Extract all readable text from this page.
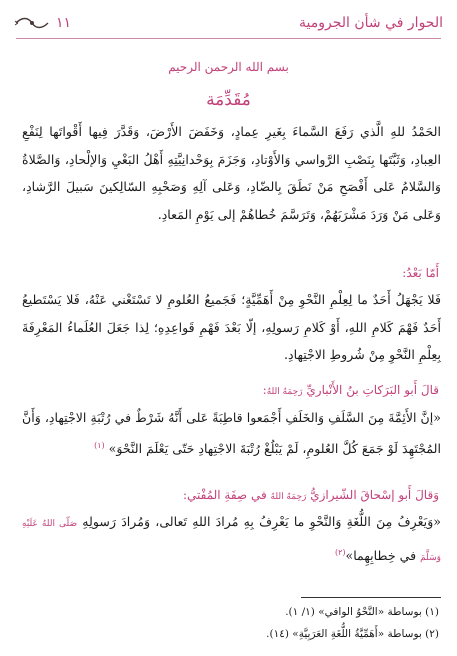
الحوار في شأن الجرومية
١١
بسم الله الرحمن الرحيم
مُقَدِّمَة
الحَمْدُ للهِ الَّذي رَفَعَ السَّماءَ بِغَيرِ عِمادٍ، وَخَفَضَ الأَرْضَ، وَقَدَّرَ فِيها أَقْواتَها لِنَفْعِ العِبادِ، وَثَبَّتَها بِنَصْبِ الرَّواسي وَالأَوْتادِ، وَجَزَمَ بِوَحْدانِيَّتِهِ أَهْلُ البَغْيِ وَالإلْحادِ، وَالصَّلاةُ وَالسَّلامُ عَلى أَفْصَحِ مَنْ نَطَقَ بِالضّادِ، وَعَلى آلِهِ وَصَحْبِهِ السّالِكينَ سَبيلَ الرَّشادِ، وَعَلى مَنْ وَرَدَ مَشْرَبَهُمْ، وَتَرَسَّمَ خُطاهُمْ إلى يَوْمِ المَعادِ.
أَمّا بَعْدُ:
فَلا يَجْهَلُ أَحَدٌ ما لِعِلْمِ النَّحْوِ مِنْ أَهَمِّيَّةٍ؛ فَجَميعُ العُلومِ لا تَسْتَغْني عَنْهُ، فَلا يَسْتَطيعُ أَحَدٌ فَهْمَ كَلامِ اللهِ، أَوْ كَلامِ رَسولِهِ، إلّا بَعْدَ فَهْمِ قَواعِدِهِ؛ لِذا جَعَلَ العُلَماءُ المَعْرِفَةَ بِعِلْمِ النَّحْوِ مِنْ شُروطِ الاجْتِهادِ.
قالَ أَبو البَرَكاتِ بنُ الأَنْباريِّ رَحِمَهُ اللهُ:
«إنَّ الأَئِمَّةَ مِنَ السَّلَفِ وَالخَلَفِ أَجْمَعوا قاطِبَةً عَلى أَنَّهُ شَرْطٌ في رُتْبَةِ الاجْتِهادِ، وَأَنَّ المُجْتَهِدَ لَوْ جَمَعَ كُلَّ العُلومِ، لَمْ يَبْلُغْ رُتْبَةَ الاجْتِهادِ حَتّى يَعْلَمَ النَّحْوَ» $^{(١)}$
وَقالَ أَبو إسْحاقَ الشّيرازيُّ رَحِمَهُ اللهُ في صِفَةِ المُفْتي:
«وَيَعْرِفُ مِنَ اللُّغَةِ وَالنَّحْوِ ما يَعْرِفُ بِهِ مُرادَ اللهِ تَعالى، وَمُرادَ رَسولِهِ صَلّى اللهُ عَلَيْهِ وَسَلَّمَ في خِطابِهِما»$^{(٢)}$
(١) بوساطة «النَّحْوُ الوافي» (١/ ١).
(٢) بوساطة «أَهَمِّيَّةُ اللُّغَةِ العَرَبِيَّةِ» (١٤).
